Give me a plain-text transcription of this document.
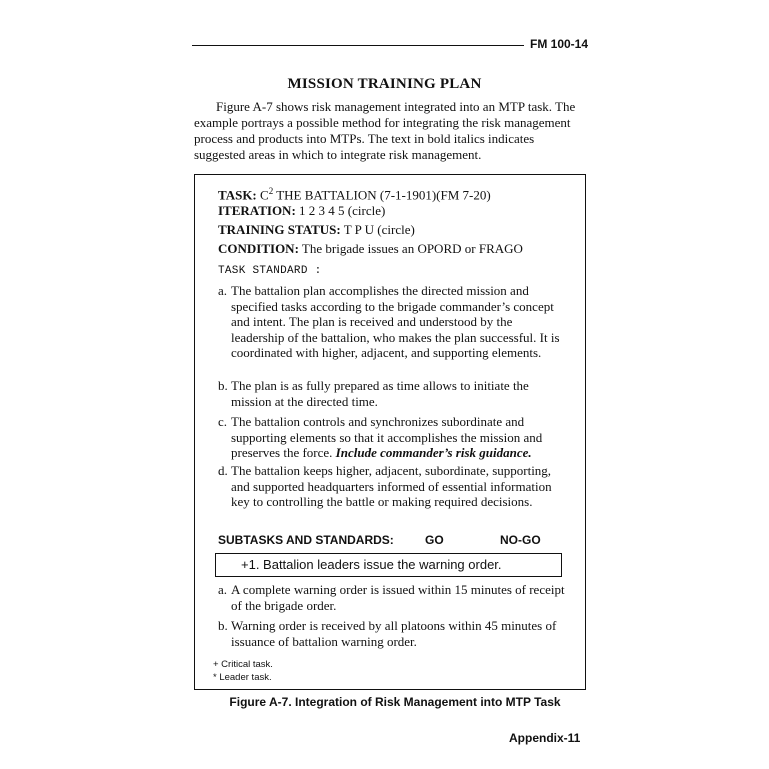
FM 100-14
MISSION TRAINING PLAN
Figure A-7 shows risk management integrated into an MTP task. The example portrays a possible method for integrating the risk management process and products into MTPs. The text in bold italics indicates suggested areas in which to integrate risk management.
TASK: $C^2$ THE BATTALION (7-1-1901)(FM 7-20)
ITERATION: 1 2 3 4 5 (circle)
TRAINING STATUS: T P U (circle)
CONDITION: The brigade issues an OPORD or FRAGO
TASK STANDARD :
a. The battalion plan accomplishes the directed mission and specified tasks according to the brigade commander’s concept and intent. The plan is received and understood by the leadership of the battalion, who makes the plan successful. It is coordinated with higher, adjacent, and supporting elements.
b. The plan is as fully prepared as time allows to initiate the mission at the directed time.
c. The battalion controls and synchronizes subordinate and supporting elements so that it accomplishes the mission and preserves the force. Include commander’s risk guidance.
d. The battalion keeps higher, adjacent, subordinate, supporting, and supported headquarters informed of essential information key to controlling the battle or making required decisions.
SUBTASKS AND STANDARDS:	GO	NO-GO
+1. Battalion leaders issue the warning order.
a. A complete warning order is issued within 15 minutes of receipt of the brigade order.
b. Warning order is received by all platoons within 45 minutes of issuance of battalion warning order.
+ Critical task.
* Leader task.
Figure A-7. Integration of Risk Management into MTP Task
Appendix-11
